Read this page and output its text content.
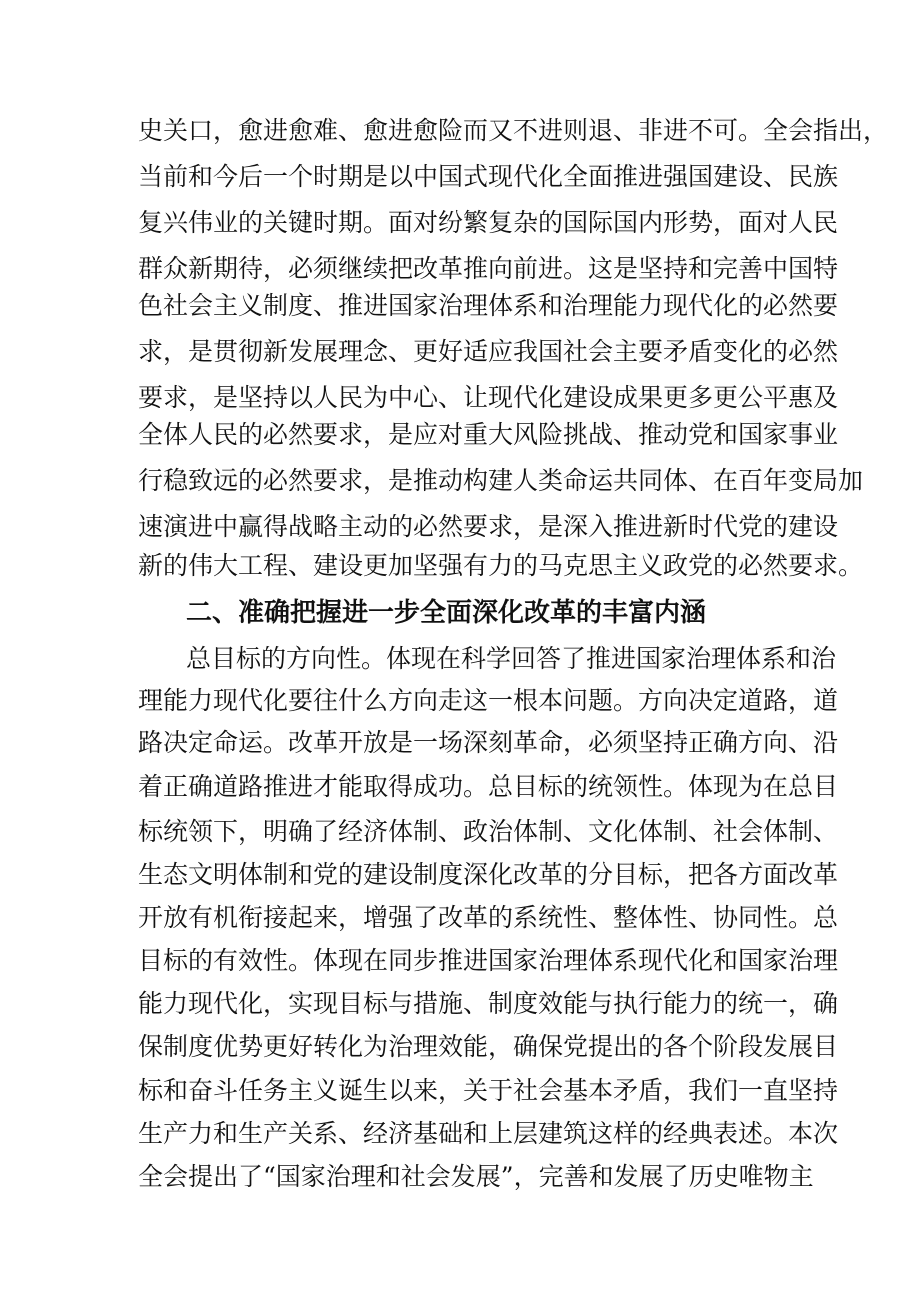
史关口，愈进愈难、愈进愈险而又不进则退、非进不可。全会指出，
当前和今后一个时期是以中国式现代化全面推进强国建设、民族
复兴伟业的关键时期。面对纷繁复杂的国际国内形势，面对人民
群众新期待，必须继续把改革推向前进。这是坚持和完善中国特
色社会主义制度、推进国家治理体系和治理能力现代化的必然要
求，是贯彻新发展理念、更好适应我国社会主要矛盾变化的必然
要求，是坚持以人民为中心、让现代化建设成果更多更公平惠及
全体人民的必然要求，是应对重大风险挑战、推动党和国家事业
行稳致远的必然要求，是推动构建人类命运共同体、在百年变局加
速演进中赢得战略主动的必然要求，是深入推进新时代党的建设
新的伟大工程、建设更加坚强有力的马克思主义政党的必然要求。
二、准确把握进一步全面深化改革的丰富内涵
总目标的方向性。体现在科学回答了推进国家治理体系和治
理能力现代化要往什么方向走这一根本问题。方向决定道路，道
路决定命运。改革开放是一场深刻革命，必须坚持正确方向、沿
着正确道路推进才能取得成功。总目标的统领性。体现为在总目
标统领下，明确了经济体制、政治体制、文化体制、社会体制、
生态文明体制和党的建设制度深化改革的分目标，把各方面改革
开放有机衔接起来，增强了改革的系统性、整体性、协同性。总
目标的有效性。体现在同步推进国家治理体系现代化和国家治理
能力现代化，实现目标与措施、制度效能与执行能力的统一，确
保制度优势更好转化为治理效能，确保党提出的各个阶段发展目
标和奋斗任务主义诞生以来，关于社会基本矛盾，我们一直坚持
生产力和生产关系、经济基础和上层建筑这样的经典表述。本次
全会提出了“国家治理和社会发展”，完善和发展了历史唯物主
